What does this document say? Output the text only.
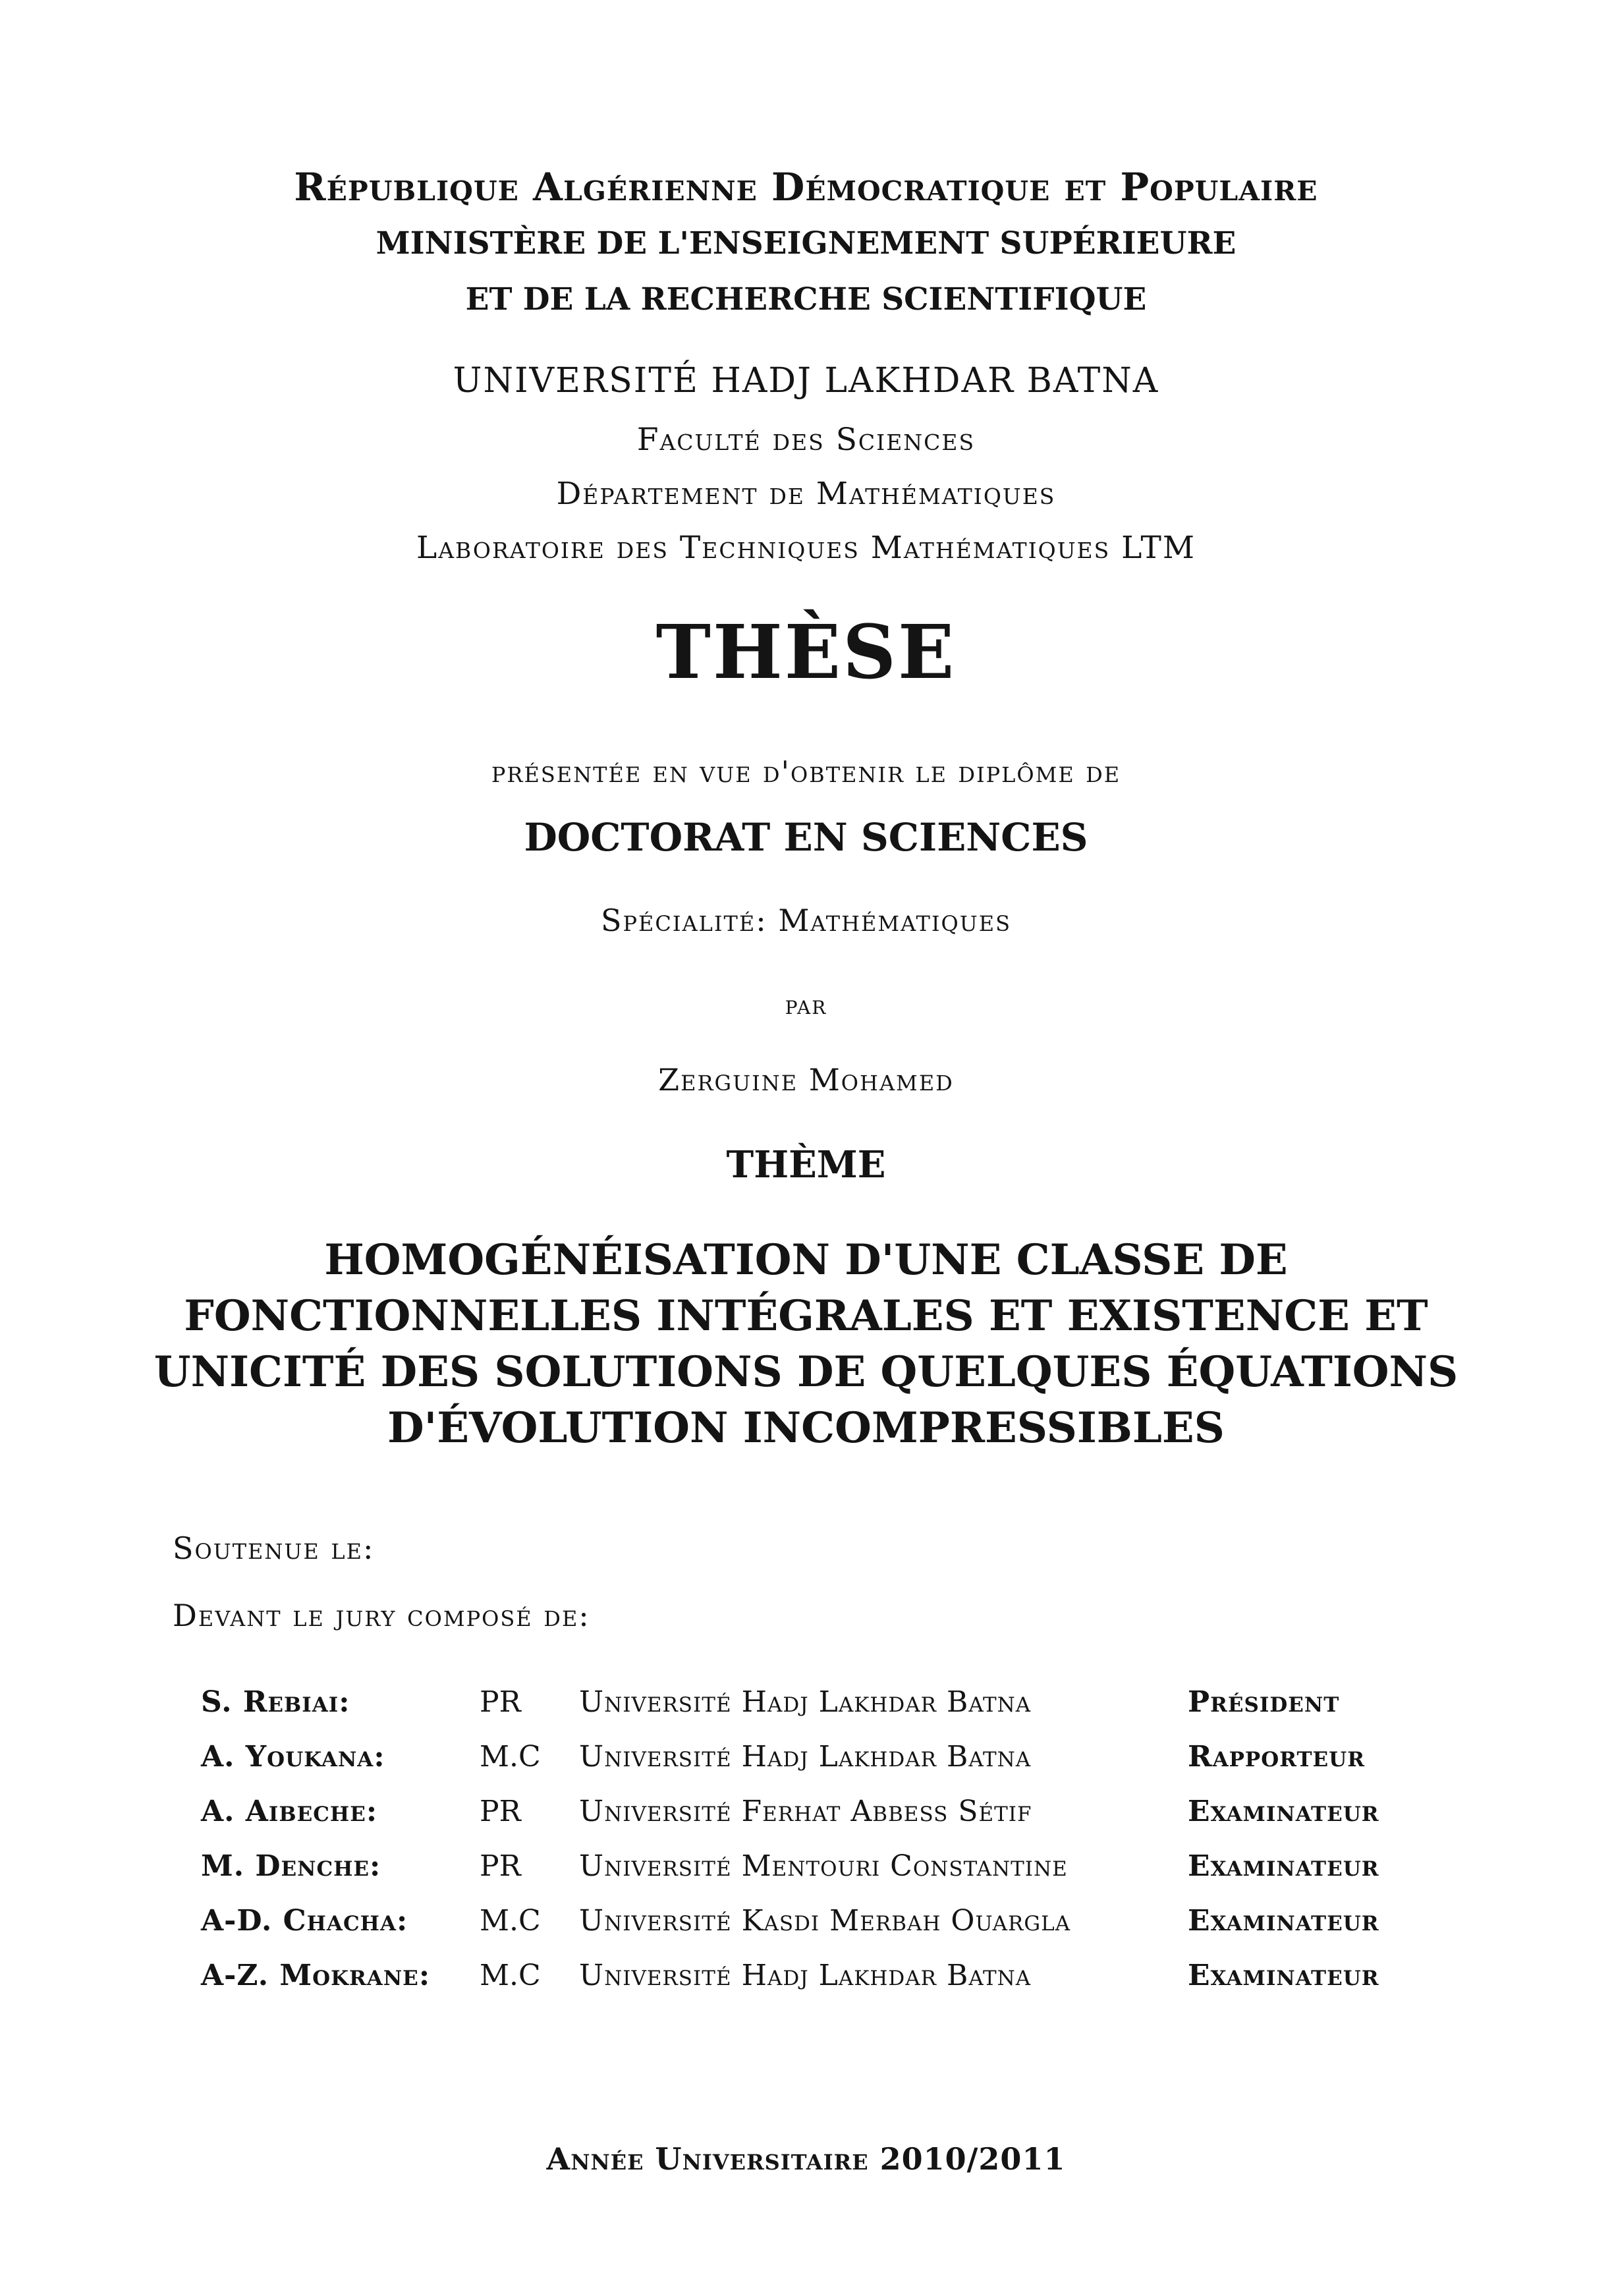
République Algérienne Démocratique et Populaire
MINISTÈRE DE L'ENSEIGNEMENT SUPÉRIEURE
ET DE LA RECHERCHE SCIENTIFIQUE
UNIVERSITÉ HADJ LAKHDAR BATNA
Faculté des Sciences
Département de Mathématiques
Laboratoire des Techniques Mathématiques LTM
THÈSE
présentée en vue d'obtenir le diplôme de
DOCTORAT EN SCIENCES
Spécialité: Mathématiques
par
Zerguine Mohamed
THÈME
HOMOGÉNÉISATION D'UNE CLASSE DE
FONCTIONNELLES INTÉGRALES ET EXISTENCE ET
UNICITÉ DES SOLUTIONS DE QUELQUES ÉQUATIONS
D'ÉVOLUTION INCOMPRESSIBLES
Soutenue le:
Devant le jury composé de:
S. Rebiai:	PR Université Hadj Lakhdar Batna	Président
A. Youkana:	M.C Université Hadj Lakhdar Batna	Rapporteur
A. Aibeche:	PR Université Ferhat Abbess Sétif	Examinateur
M. Denche:	PR Université Mentouri Constantine	Examinateur
A-D. Chacha: M.C Université Kasdi Merbah Ouargla	Examinateur
A-Z. Mokrane: M.C Université Hadj Lakhdar Batna	Examinateur
Année Universitaire 2010/2011
